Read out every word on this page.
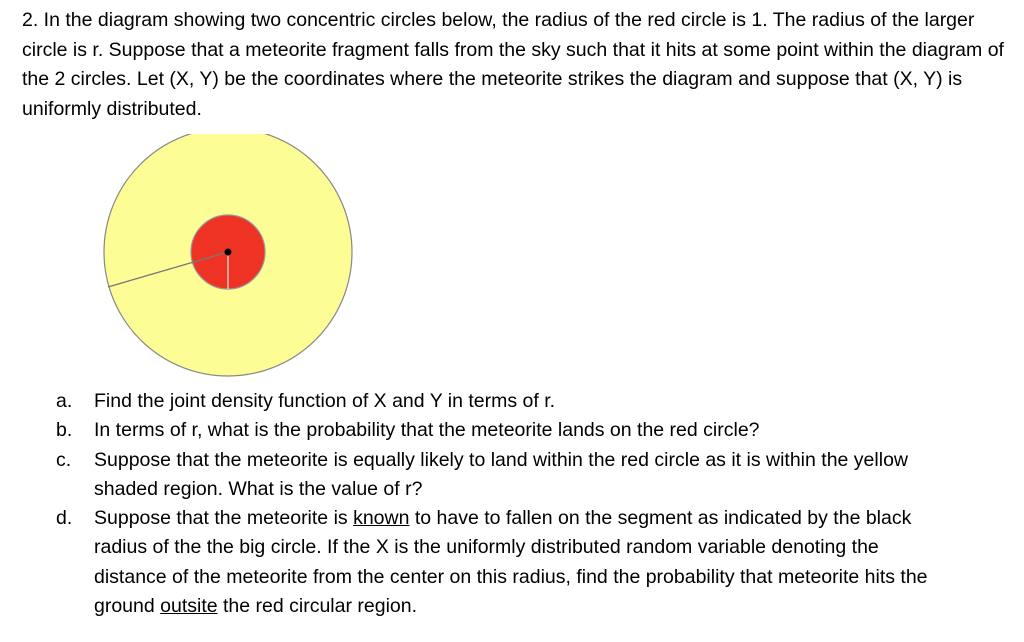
2. In the diagram showing two concentric circles below, the radius of the red circle is 1. The radius of the larger circle is r. Suppose that a meteorite fragment falls from the sky such that it hits at some point within the diagram of the 2 circles. Let (X, Y) be the coordinates where the meteorite strikes the diagram and suppose that (X, Y) is uniformly distributed.

a. Find the joint density function of X and Y in terms of r.
b. In terms of r, what is the probability that the meteorite lands on the red circle?
c. Suppose that the meteorite is equally likely to land within the red circle as it is within the yellow shaded region. What is the value of r?
d. Suppose that the meteorite is known to have to fallen on the segment as indicated by the black radius of the the big circle. If the X is the uniformly distributed random variable denoting the distance of the meteorite from the center on this radius, find the probability that meteorite hits the ground outsite the red circular region.
